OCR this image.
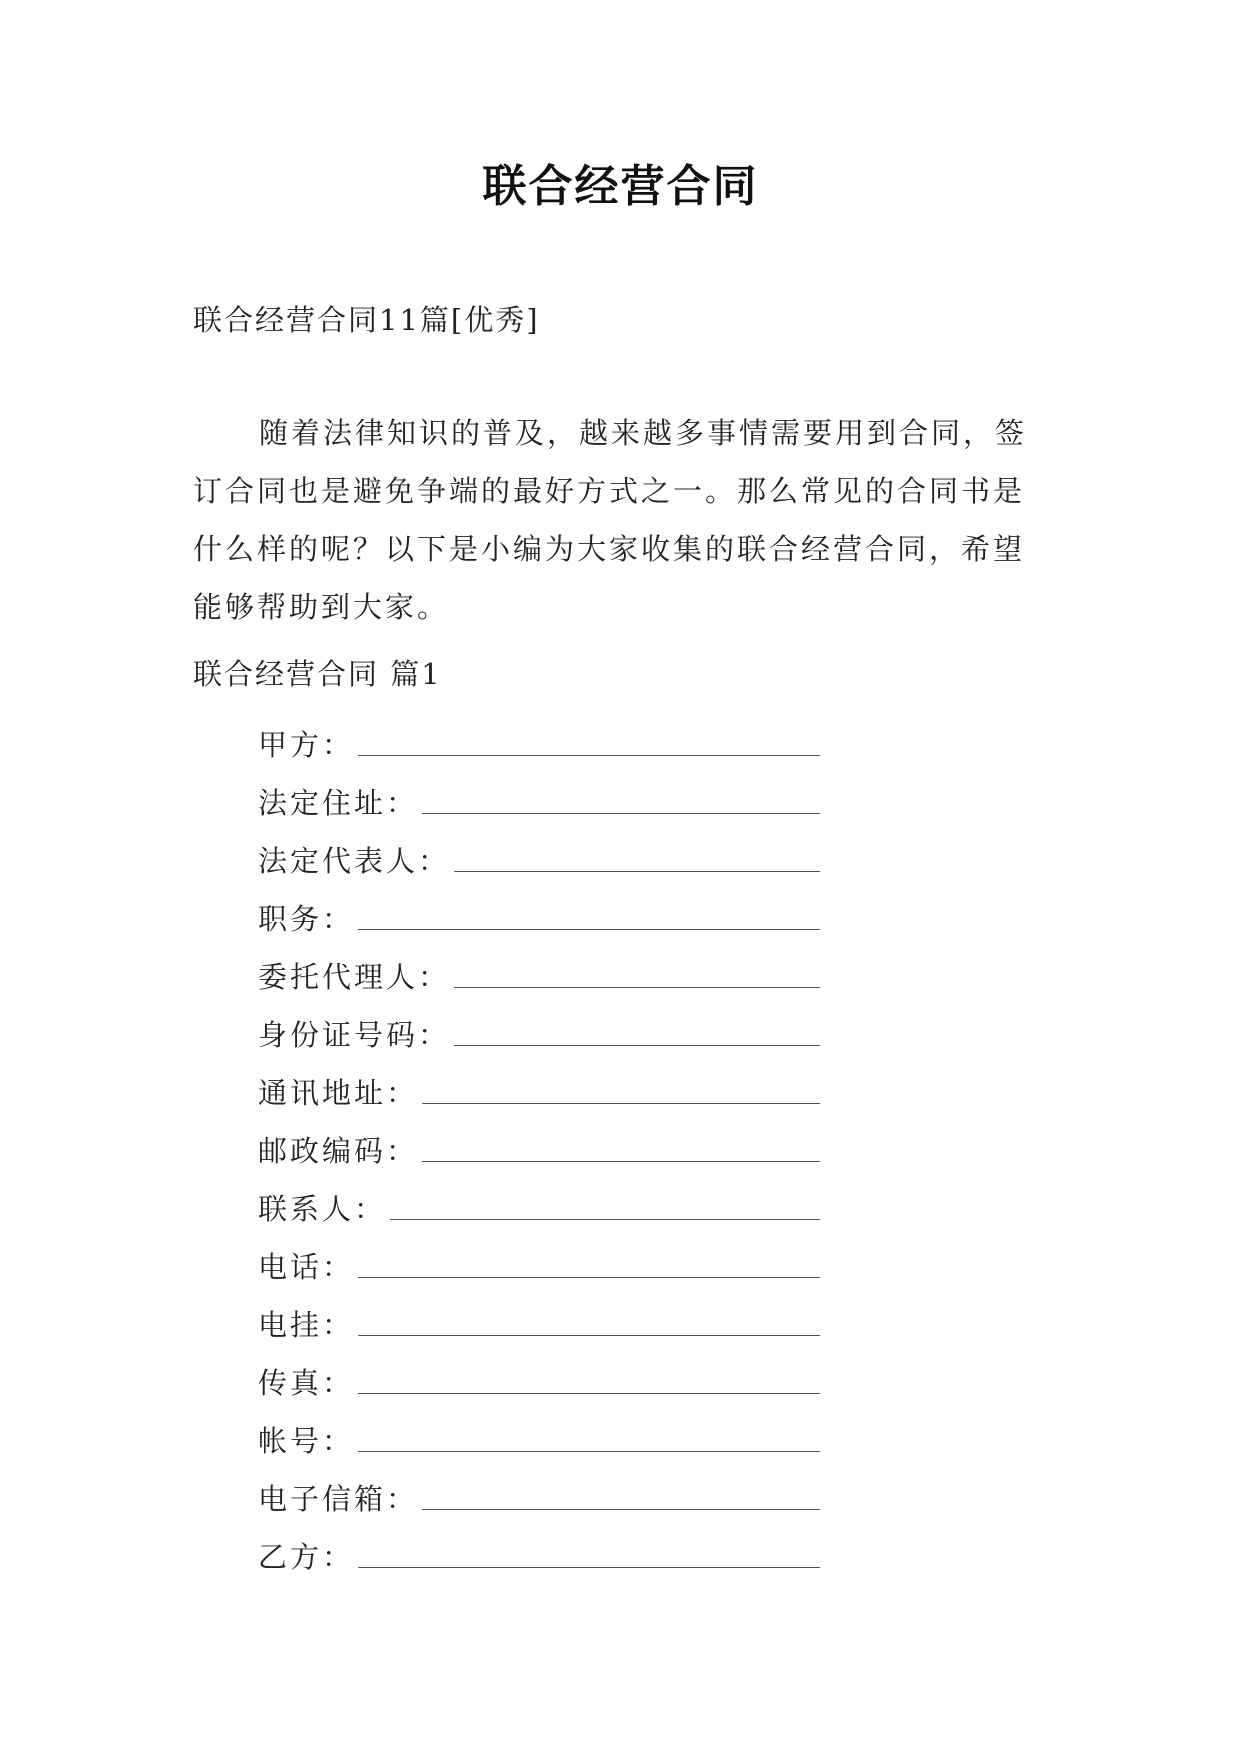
联合经营合同
联合经营合同11篇[优秀]

随着法律知识的普及，越来越多事情需要用到合同，签订合同也是避免争端的最好方式之一。那么常见的合同书是什么样的呢？以下是小编为大家收集的联合经营合同，希望能够帮助到大家。

联合经营合同 篇1
甲方：
法定住址：
法定代表人：
职务：
委托代理人：
身份证号码：
通讯地址：
邮政编码：
联系人：
电话：
电挂：
传真：
帐号：
电子信箱：
乙方：
